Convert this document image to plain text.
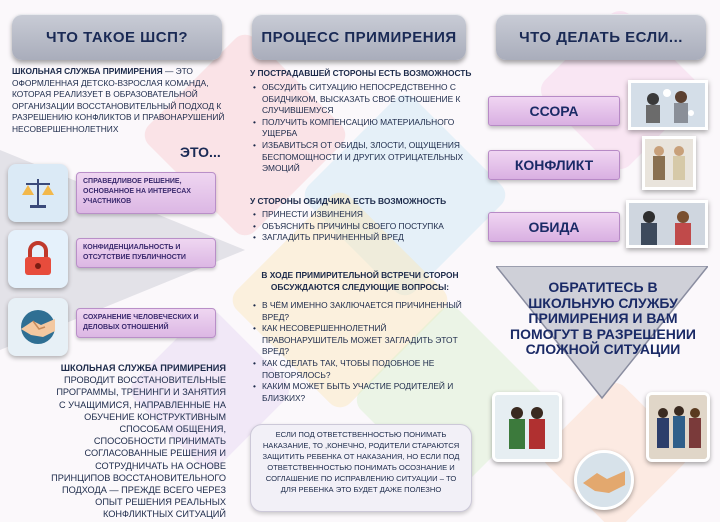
ЧТО ТАКОЕ ШСП?	ПРОЦЕСС ПРИМИРЕНИЯ	ЧТО ДЕЛАТЬ ЕСЛИ...
ШКОЛЬНАЯ СЛУЖБА ПРИМИРЕНИЯ — ЭТО ОФОРМЛЕННАЯ ДЕТСКО-ВЗРОСЛАЯ КОМАНДА, КОТОРАЯ РЕАЛИЗУЕТ В ОБРАЗОВАТЕЛЬНОЙ ОРГАНИЗАЦИИ ВОССТАНОВИТЕЛЬНЫЙ ПОДХОД К РАЗРЕШЕНИЮ КОНФЛИКТОВ И ПРАВОНАРУШЕНИЙ НЕСОВЕРШЕННОЛЕТНИХ
ЭТО...
СПРАВЕДЛИВОЕ РЕШЕНИЕ, ОСНОВАННОЕ НА ИНТЕРЕСАХ УЧАСТНИКОВ
КОНФИДЕНЦИАЛЬНОСТЬ И ОТСУТСТВИЕ ПУБЛИЧНОСТИ
СОХРАНЕНИЕ ЧЕЛОВЕЧЕСКИХ И ДЕЛОВЫХ ОТНОШЕНИЙ
ШКОЛЬНАЯ СЛУЖБА ПРИМИРЕНИЯ
ПРОВОДИТ ВОССТАНОВИТЕЛЬНЫЕ ПРОГРАММЫ, ТРЕНИНГИ И ЗАНЯТИЯ С УЧАЩИМИСЯ, НАПРАВЛЕННЫЕ НА ОБУЧЕНИЕ КОНСТРУКТИВНЫМ СПОСОБАМ ОБЩЕНИЯ, СПОСОБНОСТИ ПРИНИМАТЬ СОГЛАСОВАННЫЕ РЕШЕНИЯ И СОТРУДНИЧАТЬ НА ОСНОВЕ ПРИНЦИПОВ ВОССТАНОВИТЕЛЬНОГО ПОДХОДА — ПРЕЖДЕ ВСЕГО ЧЕРЕЗ ОПЫТ РЕШЕНИЯ РЕАЛЬНЫХ КОНФЛИКТНЫХ СИТУАЦИЙ
У ПОСТРАДАВШЕЙ СТОРОНЫ ЕСТЬ ВОЗМОЖНОСТЬ
• ОБСУДИТЬ СИТУАЦИЮ НЕПОСРЕДСТВЕННО С ОБИДЧИКОМ, ВЫСКАЗАТЬ СВОЁ ОТНОШЕНИЕ К СЛУЧИВШЕМУСЯ
• ПОЛУЧИТЬ КОМПЕНСАЦИЮ МАТЕРИАЛЬНОГО УЩЕРБА
• ИЗБАВИТЬСЯ ОТ ОБИДЫ, ЗЛОСТИ, ОЩУЩЕНИЯ БЕСПОМОЩНОСТИ И ДРУГИХ ОТРИЦАТЕЛЬНЫХ ЭМОЦИЙ
У СТОРОНЫ ОБИДЧИКА ЕСТЬ ВОЗМОЖНОСТЬ
• ПРИНЕСТИ ИЗВИНЕНИЯ
• ОБЪЯСНИТЬ ПРИЧИНЫ СВОЕГО ПОСТУПКА
• ЗАГЛАДИТЬ ПРИЧИНЕННЫЙ ВРЕД
В ХОДЕ ПРИМИРИТЕЛЬНОЙ ВСТРЕЧИ СТОРОН ОБСУЖДАЮТСЯ СЛЕДУЮЩИЕ ВОПРОСЫ:
• В ЧЁМ ИМЕННО ЗАКЛЮЧАЕТСЯ ПРИЧИНЕННЫЙ ВРЕД?
• КАК НЕСОВЕРШЕННОЛЕТНИЙ ПРАВОНАРУШИТЕЛЬ МОЖЕТ ЗАГЛАДИТЬ ЭТОТ ВРЕД?
• КАК СДЕЛАТЬ ТАК, ЧТОБЫ ПОДОБНОЕ НЕ ПОВТОРЯЛОСЬ?
• КАКИМ МОЖЕТ БЫТЬ УЧАСТИЕ РОДИТЕЛЕЙ И БЛИЗКИХ?
ЕСЛИ ПОД ОТВЕТСТВЕННОСТЬЮ ПОНИМАТЬ НАКАЗАНИЕ, ТО ,КОНЕЧНО, РОДИТЕЛИ СТАРАЮТСЯ ЗАЩИТИТЬ РЕБЕНКА ОТ НАКАЗАНИЯ, НО ЕСЛИ ПОД ОТВЕТСТВЕННОСТЬЮ ПОНИМАТЬ ОСОЗНАНИЕ И СОГЛАШЕНИЕ ПО ИСПРАВЛЕНИЮ СИТУАЦИИ – ТО ДЛЯ РЕБЕНКА ЭТО БУДЕТ ДАЖЕ ПОЛЕЗНО
ССОРА
КОНФЛИКТ
ОБИДА
ОБРАТИТЕСЬ В ШКОЛЬНУЮ СЛУЖБУ ПРИМИРЕНИЯ И ВАМ ПОМОГУТ В РАЗРЕШЕНИИ СЛОЖНОЙ СИТУАЦИИ
